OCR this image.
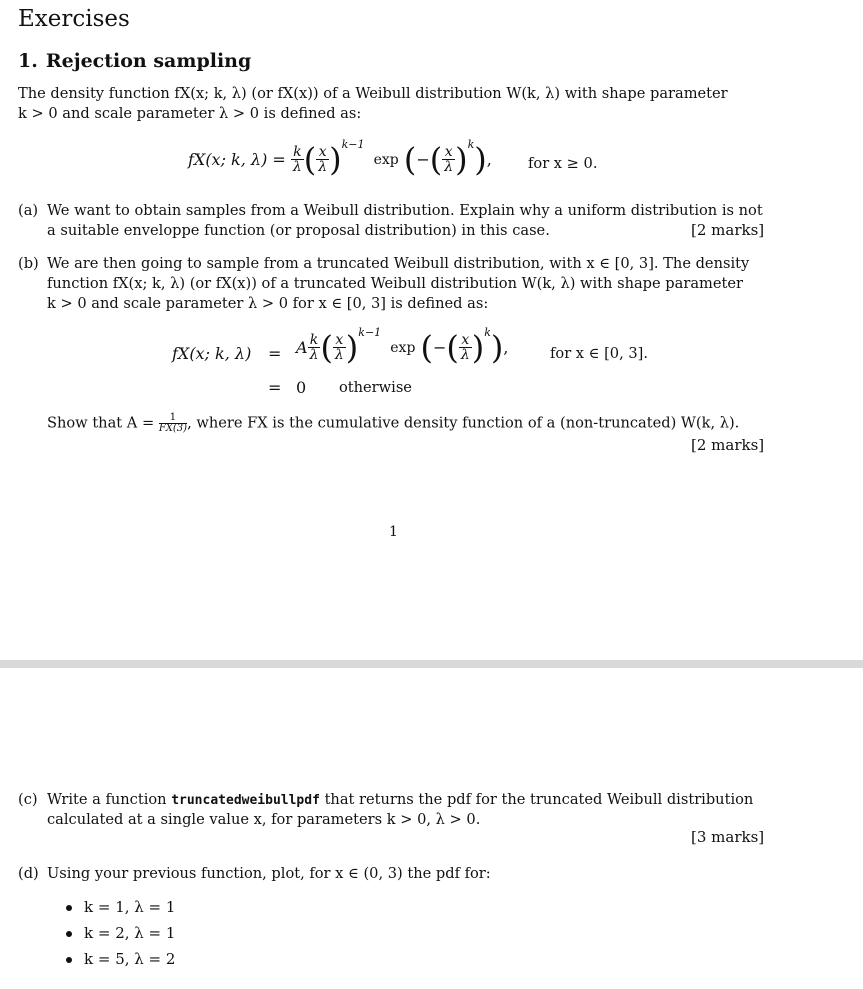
Exercises
1. Rejection sampling
The density function fX(x; k, λ) (or fX(x)) of a Weibull distribution W(k, λ) with shape parameter
k > 0 and scale parameter λ > 0 is defined as:
fX(x; k, $\lambda) = \frac{k}{\lambda}$ ( $\frac{x}{\lambda} )^{k-1}$ exp (−( $\frac{x}{\lambda} )^k$), for x ≥ 0.
(a) We want to obtain samples from a Weibull distribution. Explain why a uniform distribution is not
a suitable enveloppe function (or proposal distribution) in this case.	[2 marks]
(b) We are then going to sample from a truncated Weibull distribution, with x ∈ [0, 3]. The density
function fX(x; k, λ) (or fX(x)) of a truncated Weibull distribution W(k, λ) with shape parameter
k > 0 and scale parameter λ > 0 for x ∈ [0, 3] is defined as:
fX(x; k, λ) = A $\frac{k}{\lambda}$ ( $\frac{x}{\lambda} )^{k-1}$ exp (−( $\frac{x}{\lambda} )^k$),	for x ∈ [0, 3].
= 0 otherwise
Show that $A = \frac{1}{FX(3)}$, where FX is the cumulative density function of a (non-truncated) W(k, λ).
[2 marks]
1
(c) Write a function truncatedweibullpdf that returns the pdf for the truncated Weibull distribution
calculated at a single value x, for parameters k > 0, λ > 0.
[3 marks]
(d) Using your previous function, plot, for x ∈ (0, 3) the pdf for:
k = 1, λ = 1
k = 2, λ = 1
k = 5, λ = 2
